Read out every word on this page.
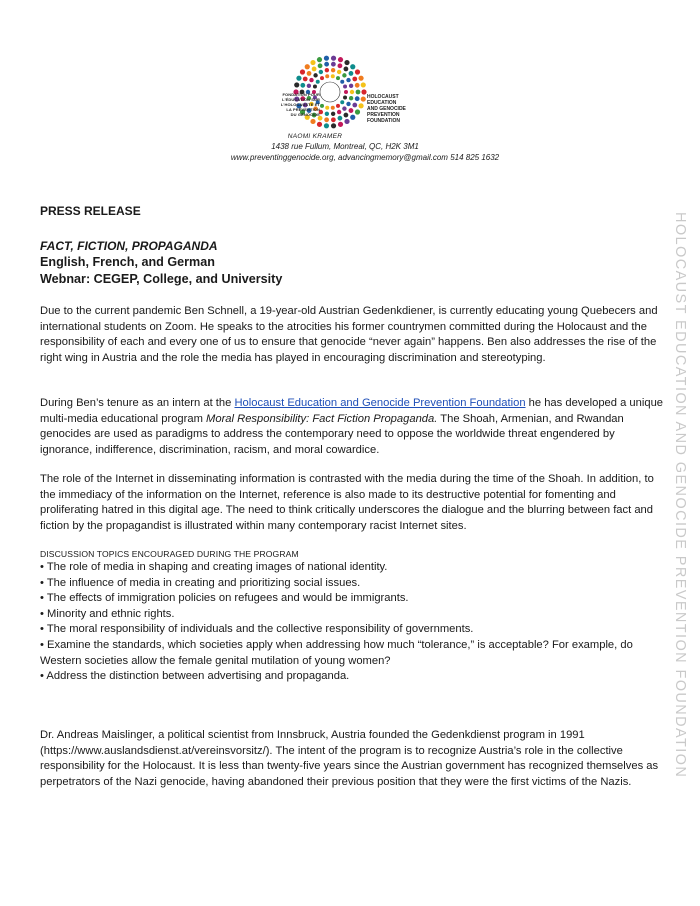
FONDATION POUR
L'ÉDUCATION SUR
L'HOLOCAUSTE ET
LA PRÉVENTION
DU GÉNOCIDE
HOLOCAUST
EDUCATION
AND GENOCIDE
PREVENTION
FOUNDATION
NAOMI KRAMER
1438 rue Fullum, Montreal, QC, H2K 3M1
www.preventinggenocide.org, advancingmemory@gmail.com 514 825 1632
HOLOCAUST EDUCATION AND GENOCIDE PREVENTION FOUNDATION
PRESS RELEASE
FACT, FICTION, PROPAGANDA
English, French, and German
Webnar: CEGEP, College, and University

Due to the current pandemic Ben Schnell, a 19-year-old Austrian Gedenkdiener, is currently educating young Quebecers and international students on Zoom. He speaks to the atrocities his former countrymen committed during the Holocaust and the responsibility of each and every one of us to ensure that genocide “never again” happens. Ben also addresses the rise of the right wing in Austria and the role the media has played in encouraging discrimination and stereotyping.

During Ben’s tenure as an intern at the Holocaust Education and Genocide Prevention Foundation he has developed a unique multi-media educational program Moral Responsibility: Fact Fiction Propaganda. The Shoah, Armenian, and Rwandan genocides are used as paradigms to address the contemporary need to oppose the worldwide threat engendered by ignorance, indifference, discrimination, racism, and moral cowardice.

The role of the Internet in disseminating information is contrasted with the media during the time of the Shoah. In addition, to the immediacy of the information on the Internet, reference is also made to its destructive potential for fomenting and proliferating hatred in this digital age. The need to think critically underscores the dialogue and the blurring between fact and fiction by the propagandist is illustrated within many contemporary racist Internet sites.

DISCUSSION TOPICS ENCOURAGED DURING THE PROGRAM
• The role of media in shaping and creating images of national identity.
• The influence of media in creating and prioritizing social issues.
• The effects of immigration policies on refugees and would be immigrants.
• Minority and ethnic rights.
• The moral responsibility of individuals and the collective responsibility of governments.
• Examine the standards, which societies apply when addressing how much “tolerance,” is acceptable? For example, do Western societies allow the female genital mutilation of young women?
• Address the distinction between advertising and propaganda.

Dr. Andreas Maislinger, a political scientist from Innsbruck, Austria founded the Gedenkdienst program in 1991 (https://www.auslandsdienst.at/vereinsvorsitz/). The intent of the program is to recognize Austria’s role in the collective responsibility for the Holocaust. It is less than twenty-five years since the Austrian government has recognized themselves as perpetrators of the Nazi genocide, having abandoned their previous position that they were the first victims of the Nazis.
